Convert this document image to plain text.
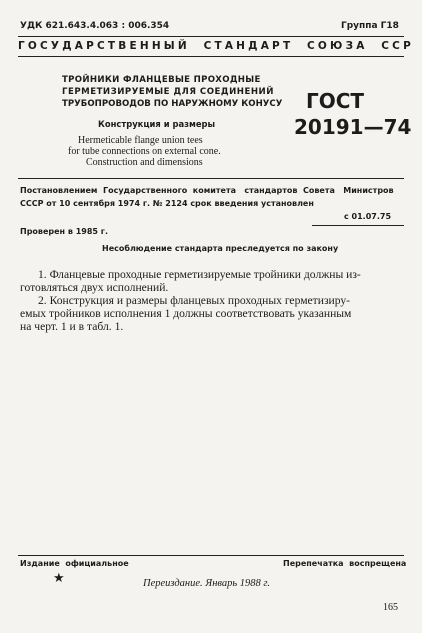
УДК 621.643.4.063 : 006.354	Группа Г18
ГОСУДАРСТВЕННЫЙ  СТАНДАРТ  СОЮЗА  ССР
ТРОЙНИКИ ФЛАНЦЕВЫЕ ПРОХОДНЫЕ
ГЕРМЕТИЗИРУЕМЫЕ ДЛЯ СОЕДИНЕНИЙ
ТРУБОПРОВОДОВ ПО НАРУЖНОМУ КОНУСУ
Конструкция и размеры
Hermeticable flange union tees
for tube connections on external cone.
Construction and dimensions
ГОСТ
20191—74
Постановлением  Государственного  комитета   стандартов  Совета   Министров
СССР от 10 сентября 1974 г. № 2124 срок введения установлен
с 01.07.75
Проверен в 1985 г.
Несоблюдение стандарта преследуется по закону
1. Фланцевые проходные герметизируемые тройники должны из-
готовляться двух исполнений.
2. Конструкция и размеры фланцевых проходных герметизиру-
емых тройников исполнения 1 должны соответствовать указанным
на черт. 1 и в табл. 1.
Издание  официальное	Перепечатка  воспрещена
★	Переиздание. Январь 1988 г.
165
